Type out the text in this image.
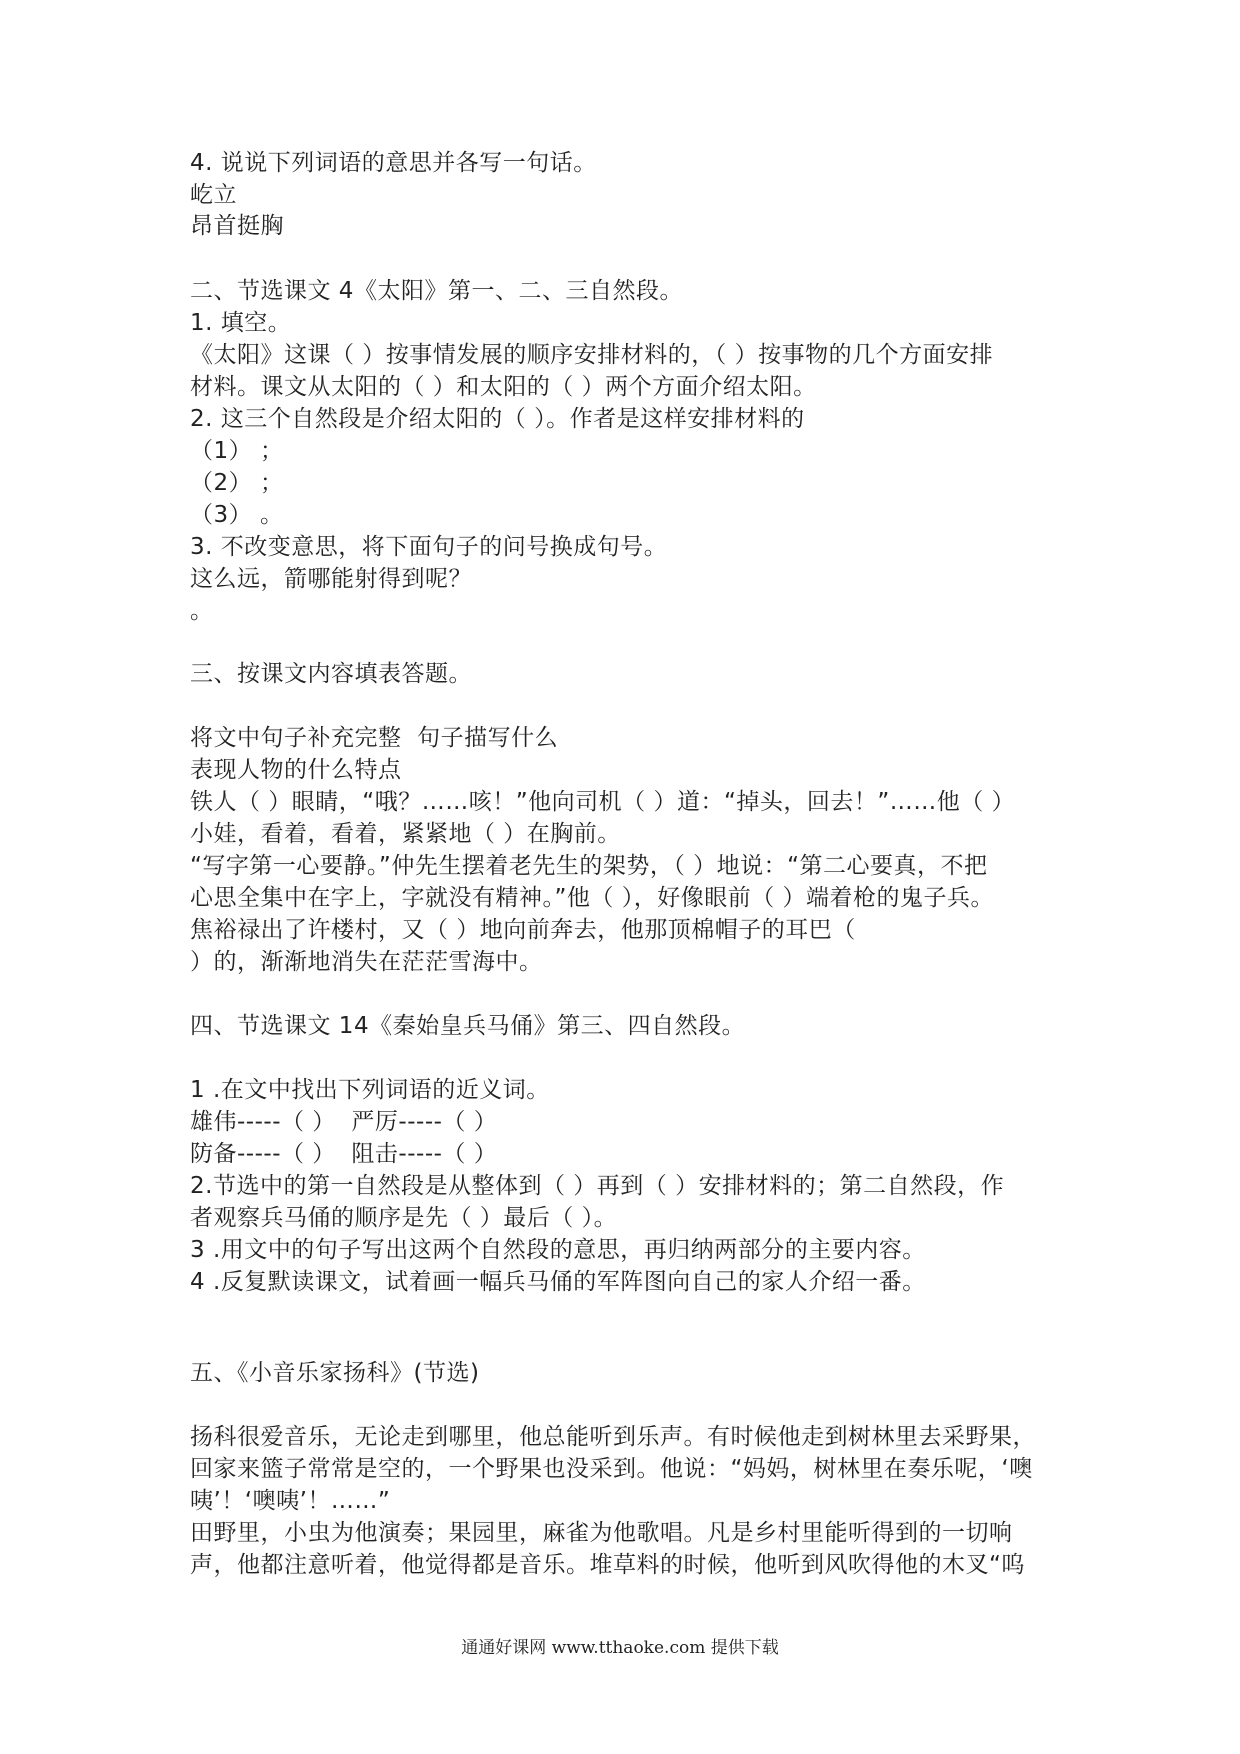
4. 说说下列词语的意思并各写一句话。
屹立
昂首挺胸
二、节选课文 4《太阳》第一、二、三自然段。
1. 填空。
《太阳》这课（ ）按事情发展的顺序安排材料的，（ ）按事物的几个方面安排
材料。课文从太阳的（ ）和太阳的（ ）两个方面介绍太阳。
2. 这三个自然段是介绍太阳的（ ）。作者是这样安排材料的
（1） ；
（2） ；
（3） 。
3. 不改变意思，将下面句子的问号换成句号。
这么远，箭哪能射得到呢？
。
三、按课文内容填表答题。
将文中句子补充完整  句子描写什么
表现人物的什么特点
铁人（ ）眼睛，“哦？……咳！”他向司机（ ）道：“掉头，回去！”……他（ ）
小娃，看着，看着，紧紧地（ ）在胸前。
“写字第一心要静。”仲先生摆着老先生的架势，（ ）地说：“第二心要真，不把
心思全集中在字上，字就没有精神。”他（ ），好像眼前（ ）端着枪的鬼子兵。
焦裕禄出了许楼村，又（ ）地向前奔去，他那顶棉帽子的耳巴（
）的，渐渐地消失在茫茫雪海中。
四、节选课文 14《秦始皇兵马俑》第三、四自然段。
1 .在文中找出下列词语的近义词。
雄伟-----（ ）  严厉-----（ ）
防备-----（ ）  阻击-----（ ）
2.节选中的第一自然段是从整体到（ ）再到（ ）安排材料的；第二自然段，作
者观察兵马俑的顺序是先（ ）最后（ ）。
3 .用文中的句子写出这两个自然段的意思，再归纳两部分的主要内容。
4 .反复默读课文，试着画一幅兵马俑的军阵图向自己的家人介绍一番。
五、《小音乐家扬科》(节选)
扬科很爱音乐，无论走到哪里，他总能听到乐声。有时候他走到树林里去采野果，
回家来篮子常常是空的，一个野果也没采到。他说：“妈妈，树林里在奏乐呢，‘噢
咦’！‘噢咦’！……”
田野里，小虫为他演奏；果园里，麻雀为他歌唱。凡是乡村里能听得到的一切响
声，他都注意听着，他觉得都是音乐。堆草料的时候，他听到风吹得他的木叉“呜
通通好课网 www.tthaoke.com 提供下载
